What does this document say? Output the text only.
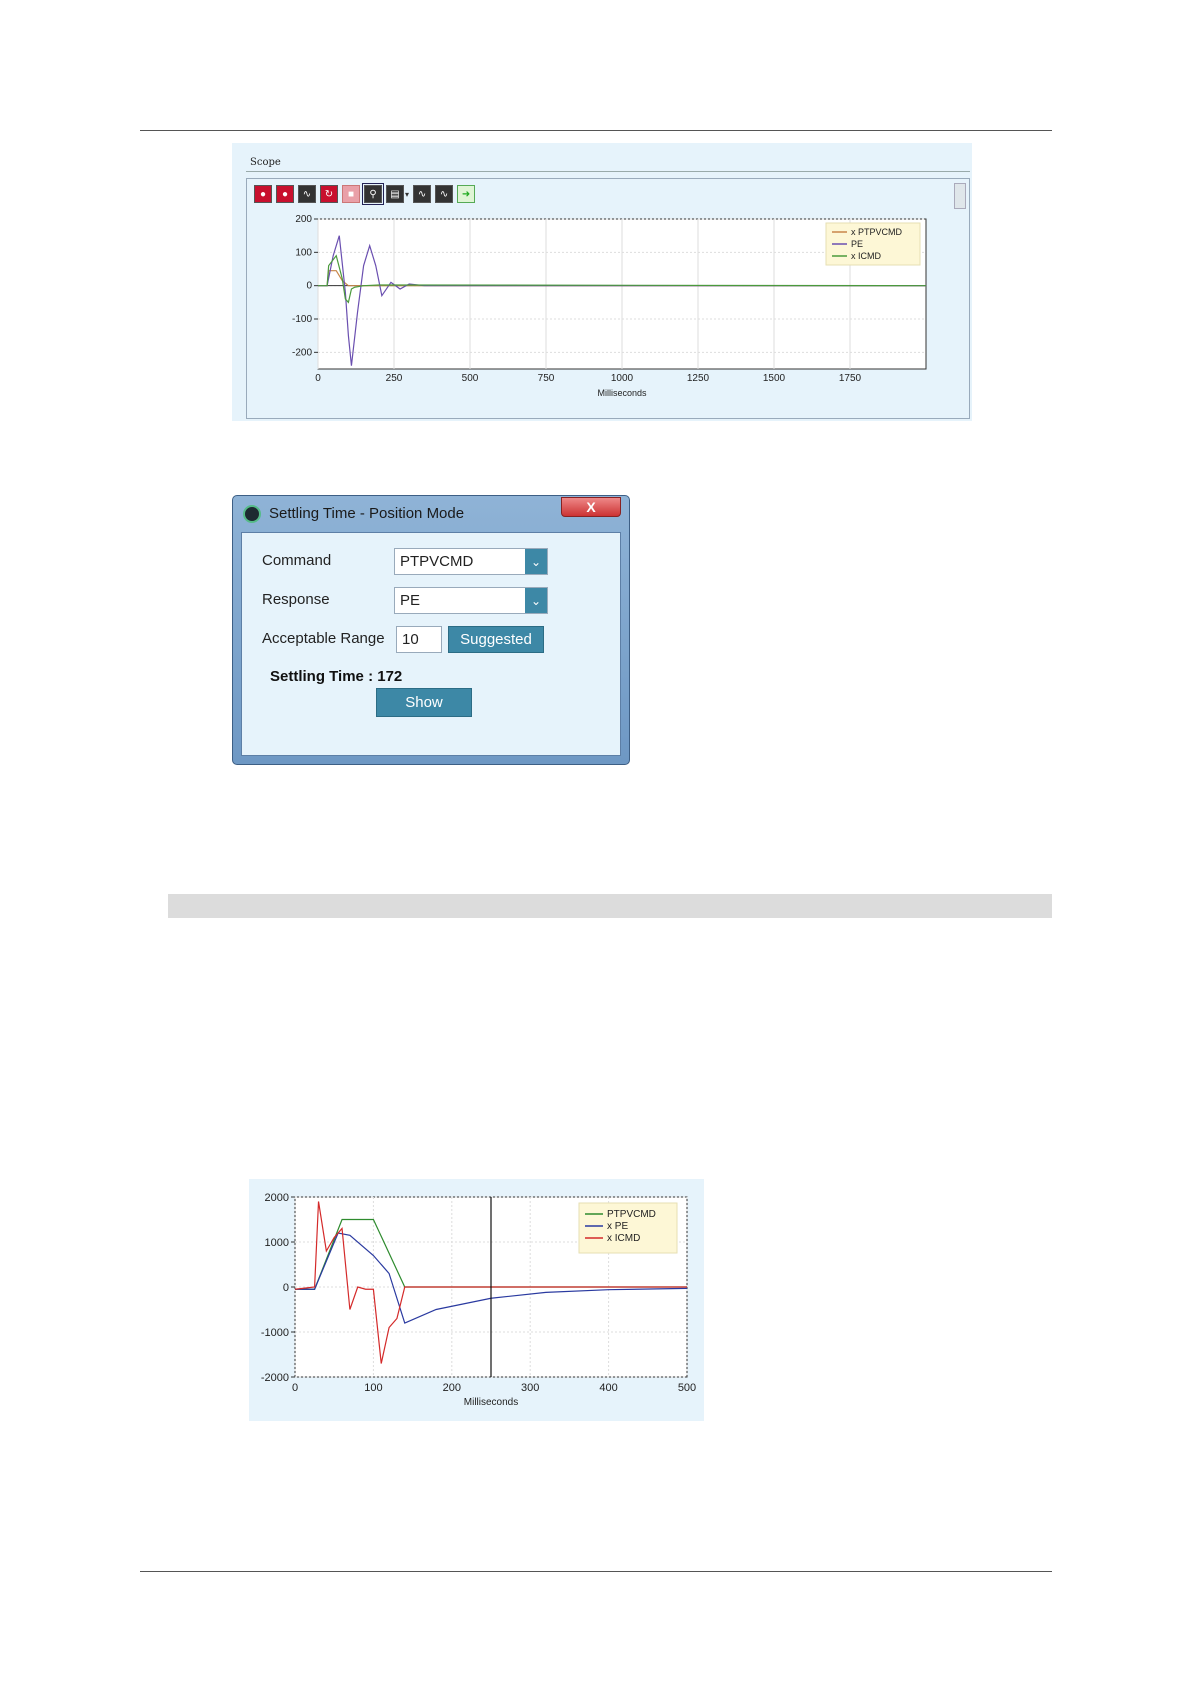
Scope
●	●	∿	↻	■	⚲	▤ ▾ ∿	∿	➜
0	250	500	750	1000	1250	1500	1750
200
100
0
-100
-200
Milliseconds
x PTPVCMD
PE
x ICMD
Settling Time - Position Mode	X
Command	PTPVCMD	⌄
Response	PE	⌄
Acceptable Range	10	Suggested
Settling Time : 172
Show
0	100	200	300	400	500
2000
1000
0
-1000
-2000
Milliseconds
PTPVCMD
x PE
x ICMD
